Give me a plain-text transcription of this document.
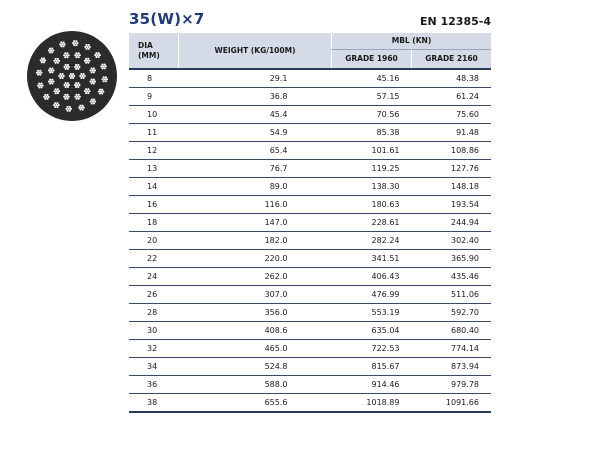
35(W)×7	EN 12385-4
DIA
(MM)	WEIGHT (KG/100M)	MBL (KN)	
		GRADE 1960	GRADE 2160
8	29.1	45.16	48.38
9	36.8	57.15	61.24
10	45.4	70.56	75.60
11	54.9	85.38	91.48
12	65.4	101.61	108.86
13	76.7	119.25	127.76
14	89.0	138.30	148.18
16	116.0	180.63	193.54
18	147.0	228.61	244.94
20	182.0	282.24	302.40
22	220.0	341.51	365.90
24	262.0	406.43	435.46
26	307.0	476.99	511.06
28	356.0	553.19	592.70
30	408.6	635.04	680.40
32	465.0	722.53	774.14
34	524.8	815.67	873.94
36	588.0	914.46	979.78
38	655.6	1018.89	1091.66
